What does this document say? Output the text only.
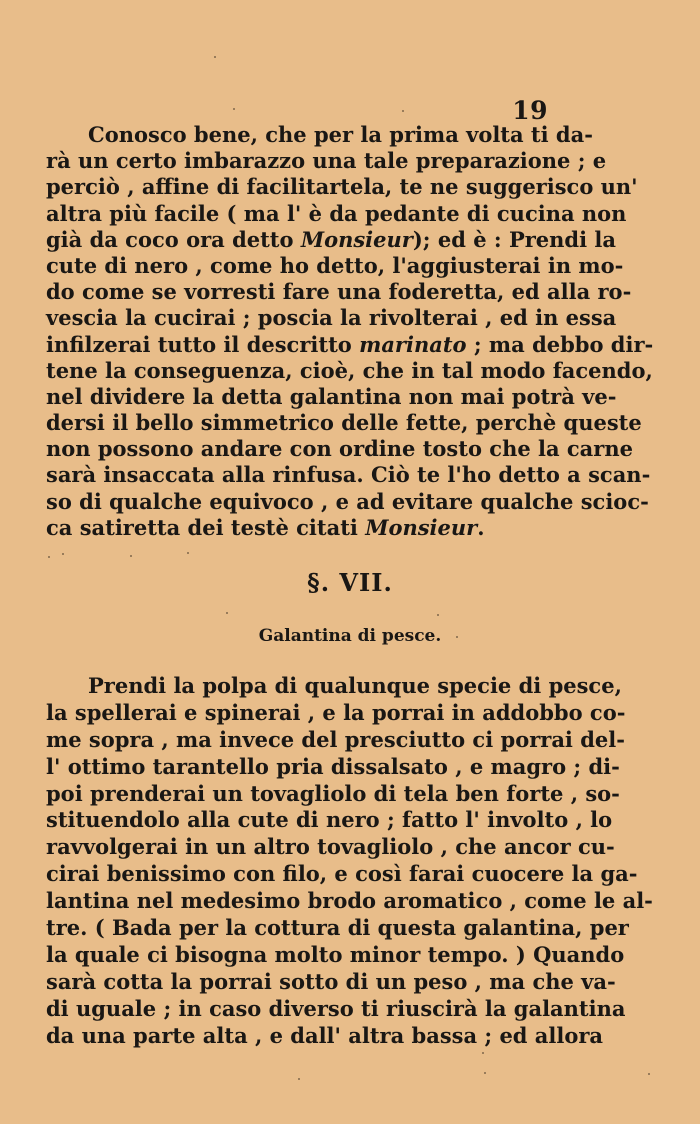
19
Conosco bene, che per la prima volta ti da-
rà un certo imbarazzo una tale preparazione ; e
perciò , affine di facilitartela, te ne suggerisco un'
altra più facile ( ma l' è da pedante di cucina non
già da coco ora detto Monsieur); ed è : Prendi la
cute di nero , come ho detto, l'aggiusterai in mo-
do come se vorresti fare una foderetta, ed alla ro-
vescia la cucirai ; poscia la rivolterai , ed in essa
infilzerai tutto il descritto marinato ; ma debbo dir-
tene la conseguenza, cioè, che in tal modo facendo,
nel dividere la detta galantina non mai potrà ve-
dersi il bello simmetrico delle fette, perchè queste
non possono andare con ordine tosto che la carne
sarà insaccata alla rinfusa. Ciò te l'ho detto a scan-
so di qualche equivoco , e ad evitare qualche scioc-
ca satiretta dei testè citati Monsieur.
§. VII.
Galantina di pesce.
Prendi la polpa di qualunque specie di pesce,
la spellerai e spinerai , e la porrai in addobbo co-
me sopra , ma invece del presciutto ci porrai del-
l' ottimo tarantello pria dissalsato , e magro ; di-
poi prenderai un tovagliolo di tela ben forte , so-
stituendolo alla cute di nero ; fatto l' involto , lo
ravvolgerai in un altro tovagliolo , che ancor cu-
cirai benissimo con filo, e così farai cuocere la ga-
lantina nel medesimo brodo aromatico , come le al-
tre. ( Bada per la cottura di questa galantina, per
la quale ci bisogna molto minor tempo. ) Quando
sarà cotta la porrai sotto di un peso , ma che va-
di uguale ; in caso diverso ti riuscirà la galantina
da una parte alta , e dall' altra bassa ; ed allora
